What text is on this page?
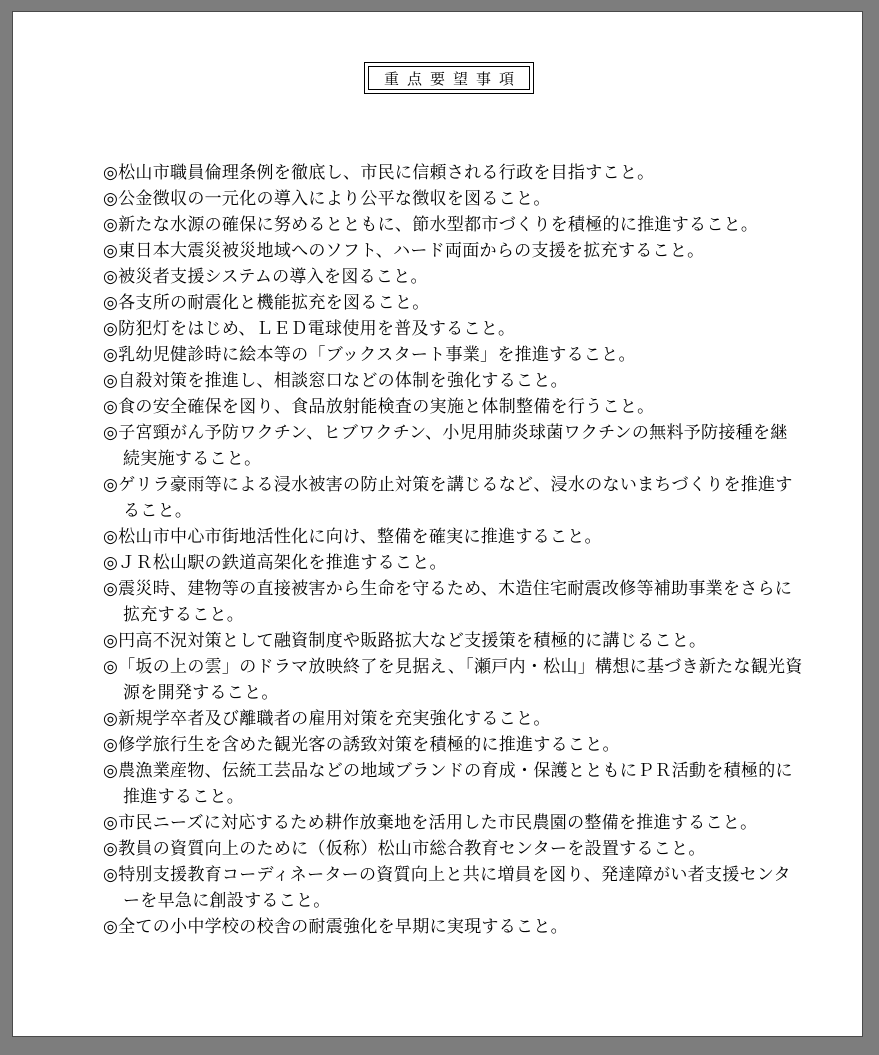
重点要望事項
◎松山市職員倫理条例を徹底し、市民に信頼される行政を目指すこと。
◎公金徴収の一元化の導入により公平な徴収を図ること。
◎新たな水源の確保に努めるとともに、節水型都市づくりを積極的に推進すること。
◎東日本大震災被災地域へのソフト、ハード両面からの支援を拡充すること。
◎被災者支援システムの導入を図ること。
◎各支所の耐震化と機能拡充を図ること。
◎防犯灯をはじめ、ＬＥＤ電球使用を普及すること。
◎乳幼児健診時に絵本等の「ブックスタート事業」を推進すること。
◎自殺対策を推進し、相談窓口などの体制を強化すること。
◎食の安全確保を図り、食品放射能検査の実施と体制整備を行うこと。
◎子宮頸がん予防ワクチン、ヒブワクチン、小児用肺炎球菌ワクチンの無料予防接種を継続実施すること。
◎ゲリラ豪雨等による浸水被害の防止対策を講じるなど、浸水のないまちづくりを推進すること。
◎松山市中心市街地活性化に向け、整備を確実に推進すること。
◎ＪＲ松山駅の鉄道高架化を推進すること。
◎震災時、建物等の直接被害から生命を守るため、木造住宅耐震改修等補助事業をさらに拡充すること。
◎円高不況対策として融資制度や販路拡大など支援策を積極的に講じること。
◎「坂の上の雲」のドラマ放映終了を見据え、「瀬戸内・松山」構想に基づき新たな観光資源を開発すること。
◎新規学卒者及び離職者の雇用対策を充実強化すること。
◎修学旅行生を含めた観光客の誘致対策を積極的に推進すること。
◎農漁業産物、伝統工芸品などの地域ブランドの育成・保護とともにＰＲ活動を積極的に推進すること。
◎市民ニーズに対応するため耕作放棄地を活用した市民農園の整備を推進すること。
◎教員の資質向上のために（仮称）松山市総合教育センターを設置すること。
◎特別支援教育コーディネーターの資質向上と共に増員を図り、発達障がい者支援センターを早急に創設すること。
◎全ての小中学校の校舎の耐震強化を早期に実現すること。
